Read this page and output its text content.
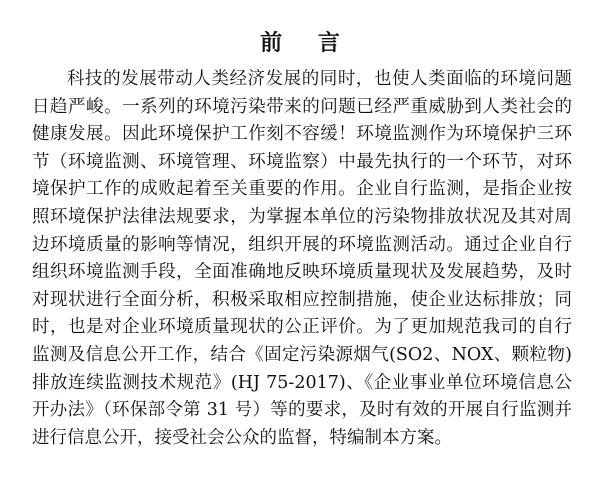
前 言
科技的发展带动人类经济发展的同时，也使人类面临的环境问题日趋严峻。一系列的环境污染带来的问题已经严重威胁到人类社会的健康发展。因此环境保护工作刻不容缓！环境监测作为环境保护三环节（环境监测、环境管理、环境监察）中最先执行的一个环节，对环境保护工作的成败起着至关重要的作用。企业自行监测，是指企业按照环境保护法律法规要求，为掌握本单位的污染物排放状况及其对周边环境质量的影响等情况，组织开展的环境监测活动。通过企业自行组织环境监测手段，全面准确地反映环境质量现状及发展趋势，及时对现状进行全面分析，积极采取相应控制措施，使企业达标排放；同时，也是对企业环境质量现状的公正评价。为了更加规范我司的自行监测及信息公开工作，结合《固定污染源烟气(SO2、NOX、颗粒物)排放连续监测技术规范》(HJ 75-2017)、《企业事业单位环境信息公开办法》（环保部令第 31 号）等的要求，及时有效的开展自行监测并进行信息公开，接受社会公众的监督，特编制本方案。
